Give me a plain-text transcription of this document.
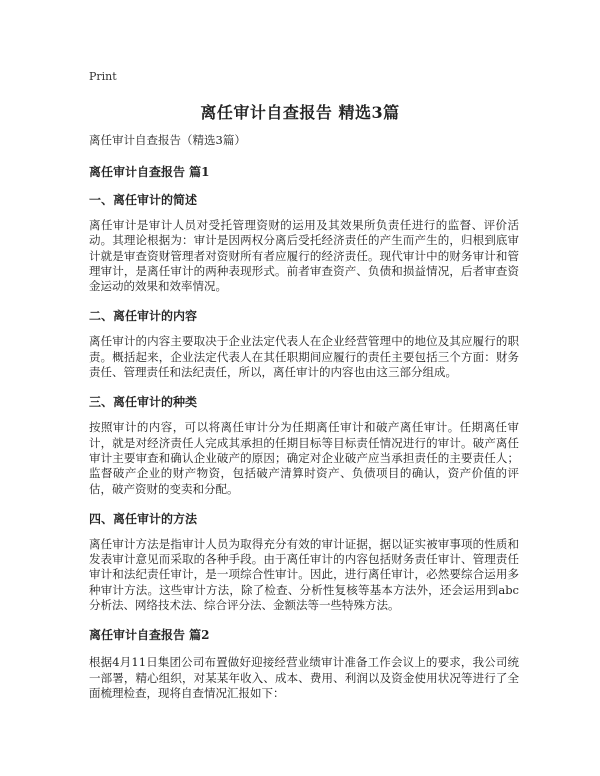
Print
离任审计自查报告 精选3篇
离任审计自查报告（精选3篇）
离任审计自查报告 篇1
一、离任审计的简述
离任审计是审计人员对受托管理资财的运用及其效果所负责任进行的监督、评价活动。其理论根据为：审计是因两权分离后受托经济责任的产生而产生的，归根到底审计就是审查资财管理者对资财所有者应履行的经济责任。现代审计中的财务审计和管理审计，是离任审计的两种表现形式。前者审查资产、负债和损益情况，后者审查资金运动的效果和效率情况。
二、离任审计的内容
离任审计的内容主要取决于企业法定代表人在企业经营管理中的地位及其应履行的职责。概括起来，企业法定代表人在其任职期间应履行的责任主要包括三个方面：财务责任、管理责任和法纪责任，所以，离任审计的内容也由这三部分组成。
三、离任审计的种类
按照审计的内容，可以将离任审计分为任期离任审计和破产离任审计。任期离任审计，就是对经济责任人完成其承担的任期目标等目标责任情况进行的审计。破产离任审计主要审查和确认企业破产的原因；确定对企业破产应当承担责任的主要责任人；监督破产企业的财产物资，包括破产清算时资产、负债项目的确认，资产价值的评估，破产资财的变卖和分配。
四、离任审计的方法
离任审计方法是指审计人员为取得充分有效的审计证据，据以证实被审事项的性质和发表审计意见而采取的各种手段。由于离任审计的内容包括财务责任审计、管理责任审计和法纪责任审计，是一项综合性审计。因此，进行离任审计，必然要综合运用多种审计方法。这些审计方法，除了检查、分析性复核等基本方法外，还会运用到abc分析法、网络技术法、综合评分法、金额法等一些特殊方法。
离任审计自查报告 篇2
根据4月11日集团公司布置做好迎接经营业绩审计准备工作会议上的要求，我公司统一部署，精心组织，对某某年收入、成本、费用、利润以及资金使用状况等进行了全面梳理检查，现将自查情况汇报如下：
